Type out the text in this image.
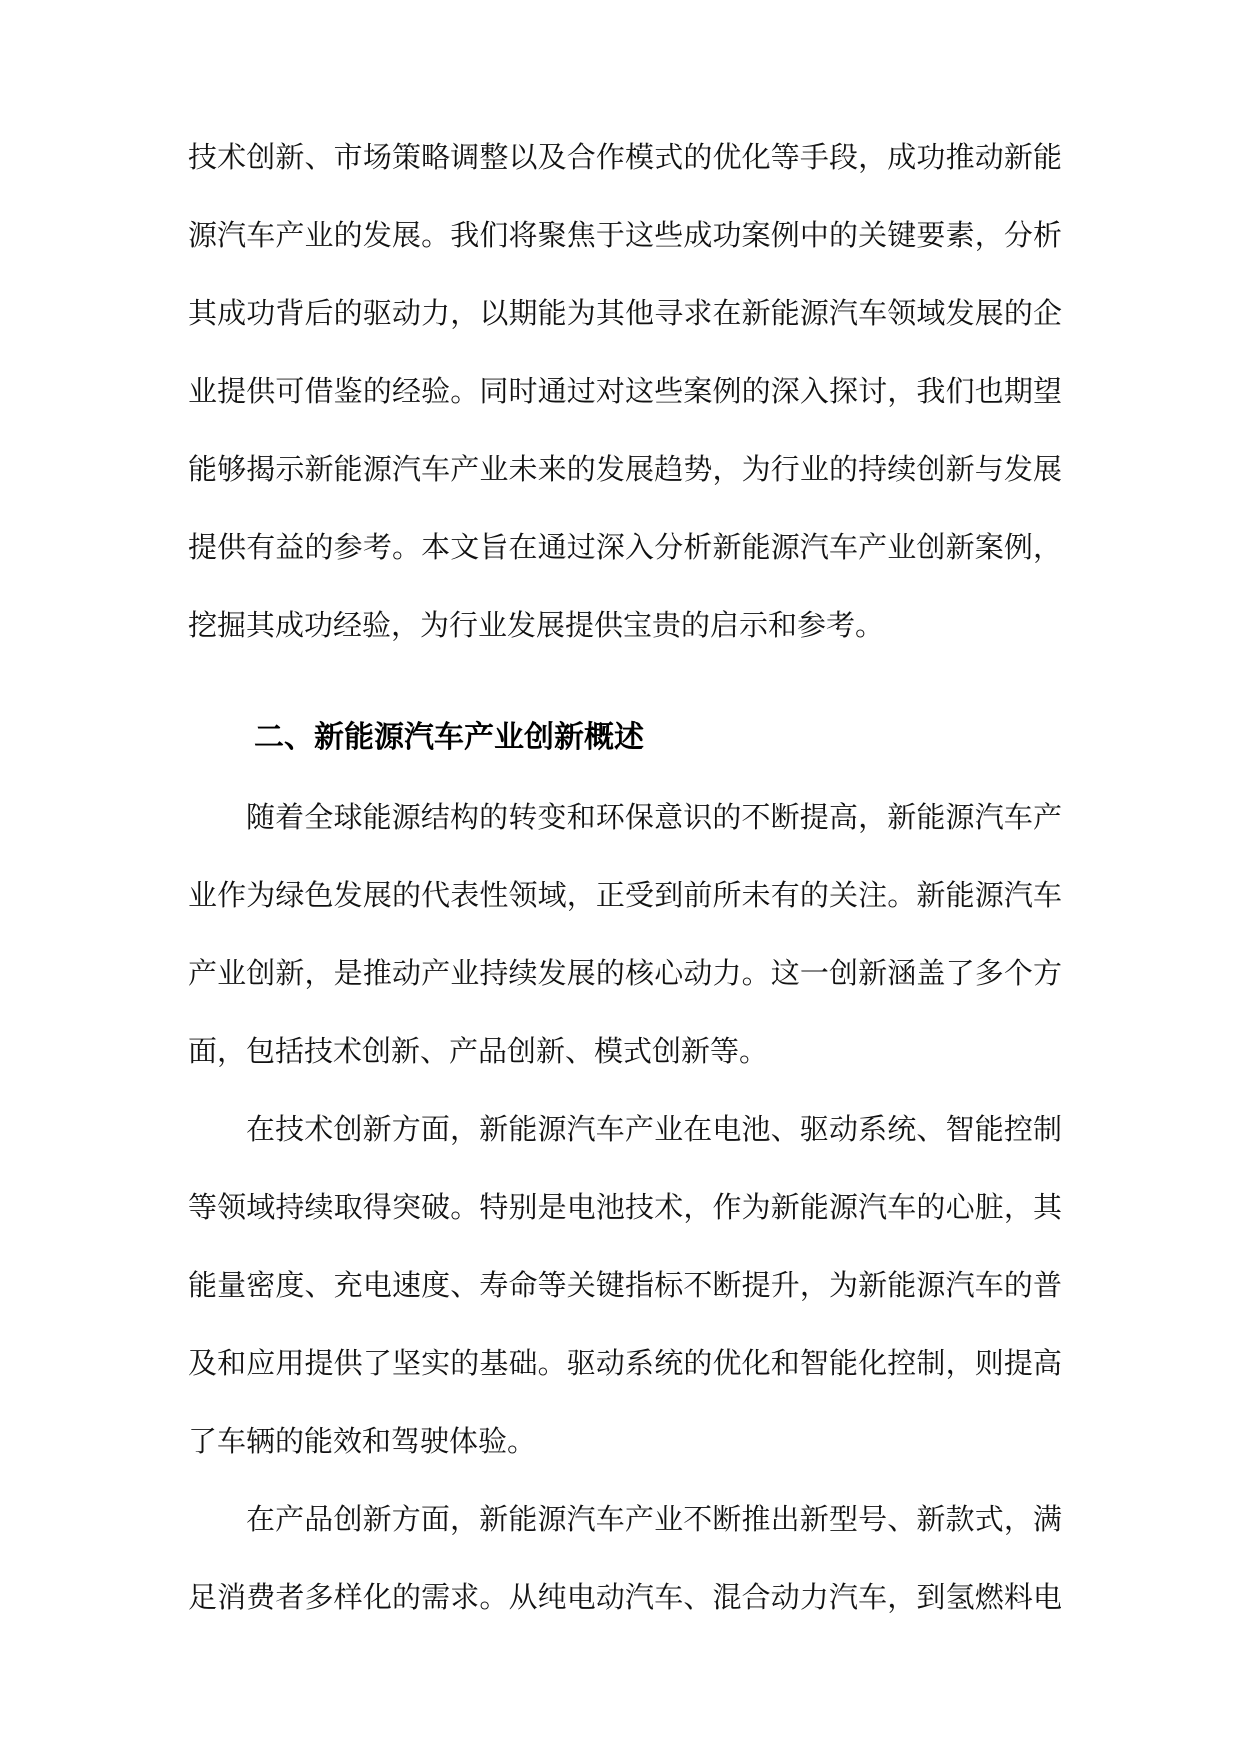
技术创新、市场策略调整以及合作模式的优化等手段，成功推动新能
源汽车产业的发展。我们将聚焦于这些成功案例中的关键要素，分析
其成功背后的驱动力，以期能为其他寻求在新能源汽车领域发展的企
业提供可借鉴的经验。同时通过对这些案例的深入探讨，我们也期望
能够揭示新能源汽车产业未来的发展趋势，为行业的持续创新与发展
提供有益的参考。本文旨在通过深入分析新能源汽车产业创新案例，
挖掘其成功经验，为行业发展提供宝贵的启示和参考。
二、新能源汽车产业创新概述
随着全球能源结构的转变和环保意识的不断提高，新能源汽车产
业作为绿色发展的代表性领域，正受到前所未有的关注。新能源汽车
产业创新，是推动产业持续发展的核心动力。这一创新涵盖了多个方
面，包括技术创新、产品创新、模式创新等。
在技术创新方面，新能源汽车产业在电池、驱动系统、智能控制
等领域持续取得突破。特别是电池技术，作为新能源汽车的心脏，其
能量密度、充电速度、寿命等关键指标不断提升，为新能源汽车的普
及和应用提供了坚实的基础。驱动系统的优化和智能化控制，则提高
了车辆的能效和驾驶体验。
在产品创新方面，新能源汽车产业不断推出新型号、新款式，满
足消费者多样化的需求。从纯电动汽车、混合动力汽车，到氢燃料电
